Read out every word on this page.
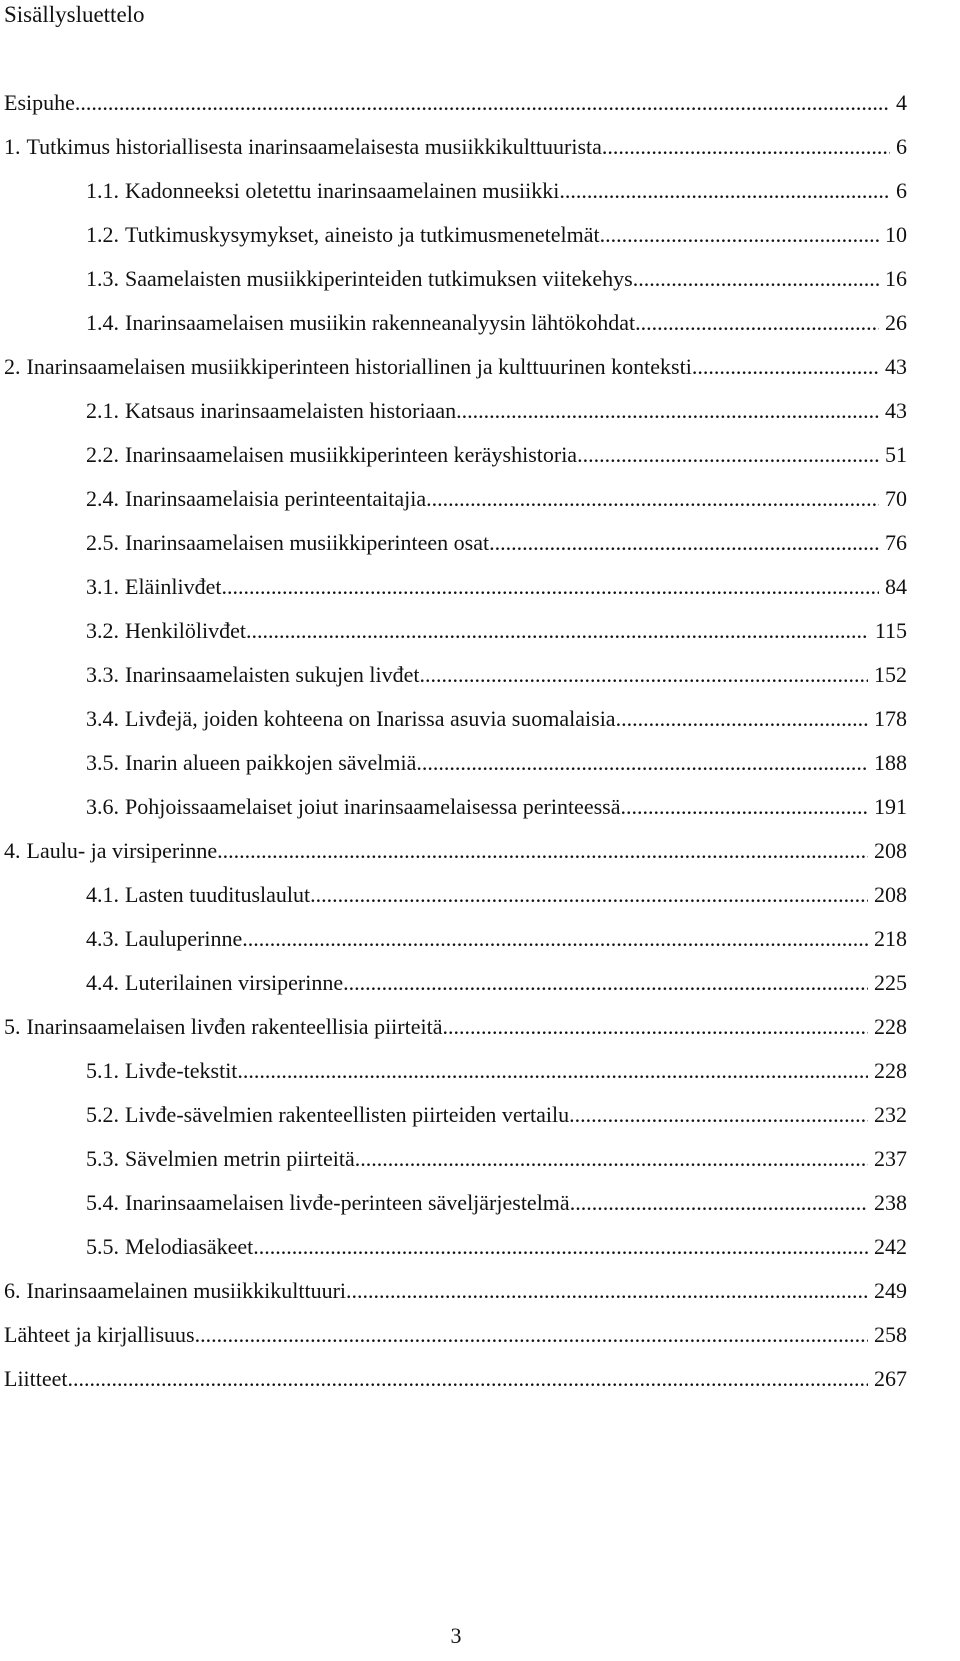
Sisällysluettelo
Esipuhe .....	4
1. Tutkimus historiallisesta inarinsaamelaisesta musiikkikulttuurista .....	6
1.1. Kadonneeksi oletettu inarinsaamelainen musiikki .....	6
1.2. Tutkimuskysymykset, aineisto ja tutkimusmenetelmät .....	10
1.3. Saamelaisten musiikkiperinteiden tutkimuksen viitekehys .....	16
1.4. Inarinsaamelaisen musiikin rakenneanalyysin lähtökohdat .....	26
2. Inarinsaamelaisen musiikkiperinteen historiallinen ja kulttuurinen konteksti .....	43
2.1. Katsaus inarinsaamelaisten historiaan .....	43
2.2. Inarinsaamelaisen musiikkiperinteen keräyshistoria .....	51
2.4. Inarinsaamelaisia perinteentaitajia .....	70
2.5. Inarinsaamelaisen musiikkiperinteen osat .....	76
3.1. Eläinlivđet .....	84
3.2. Henkilölivđet .....	115
3.3. Inarinsaamelaisten sukujen livđet .....	152
3.4. Livđejä, joiden kohteena on Inarissa asuvia suomalaisia .....	178
3.5. Inarin alueen paikkojen sävelmiä .....	188
3.6. Pohjoissaamelaiset joiut inarinsaamelaisessa perinteessä .....	191
4. Laulu- ja virsiperinne .....	208
4.1. Lasten tuudituslaulut .....	208
4.3. Lauluperinne .....	218
4.4. Luterilainen virsiperinne .....	225
5. Inarinsaamelaisen livđen rakenteellisia piirteitä .....	228
5.1. Livđe-tekstit .....	228
5.2. Livđe-sävelmien rakenteellisten piirteiden vertailu .....	232
5.3. Sävelmien metrin piirteitä .....	237
5.4. Inarinsaamelaisen livđe-perinteen säveljärjestelmä .....	238
5.5. Melodiasäkeet .....	242
6. Inarinsaamelainen musiikkikulttuuri .....	249
Lähteet ja kirjallisuus .....	258
Liitteet .....	267
3
